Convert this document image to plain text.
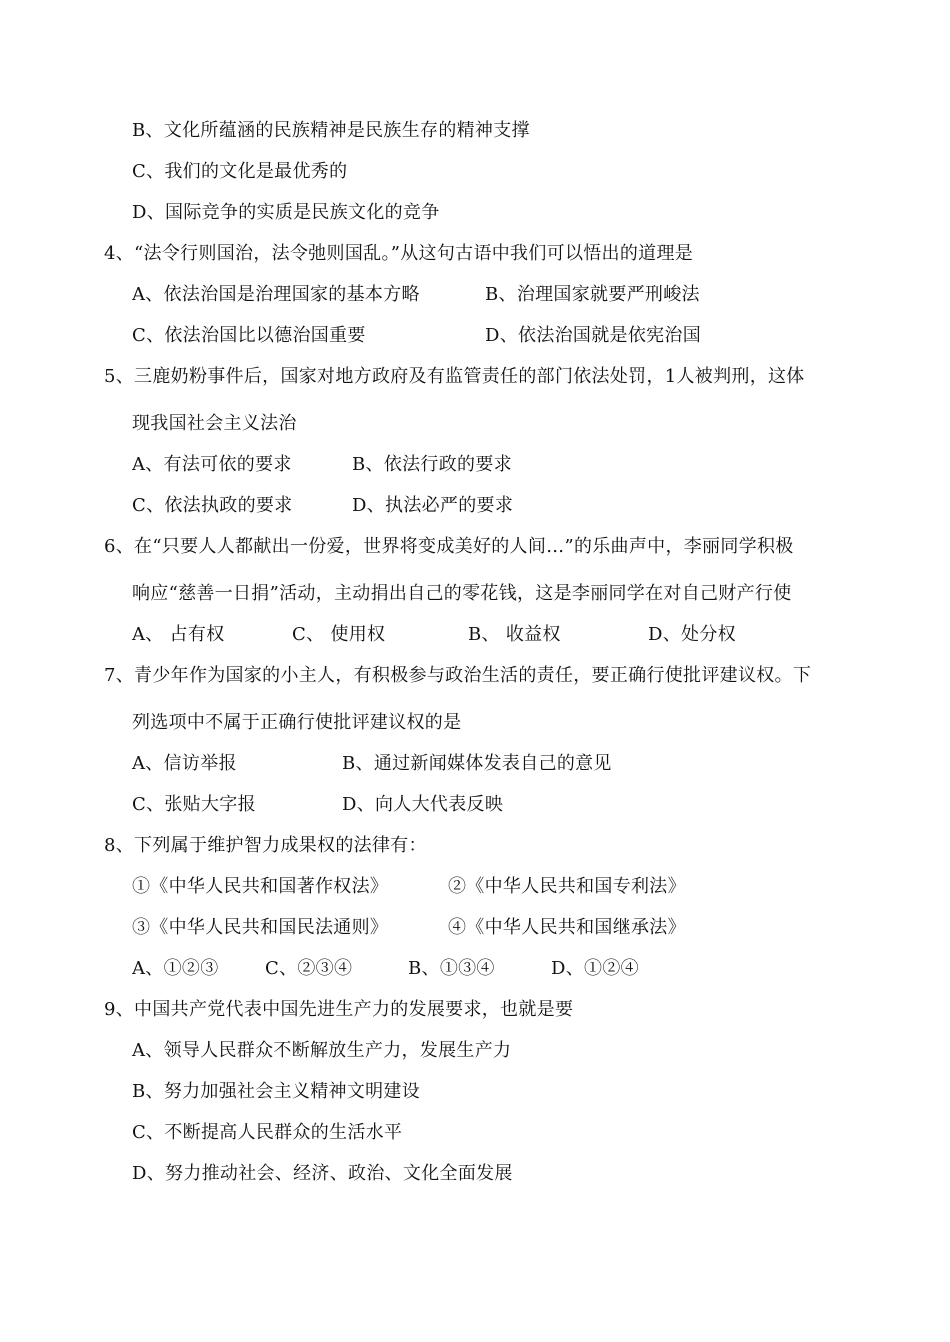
B、文化所蕴涵的民族精神是民族生存的精神支撑
C、我们的文化是最优秀的
D、国际竞争的实质是民族文化的竞争
4、“法令行则国治，法令弛则国乱。”从这句古语中我们可以悟出的道理是
A、依法治国是治理国家的基本方略	B、治理国家就要严刑峻法
C、依法治国比以德治国重要	D、依法治国就是依宪治国
5、三鹿奶粉事件后，国家对地方政府及有监管责任的部门依法处罚，1人被判刑，这体
现我国社会主义法治
A、有法可依的要求	B、依法行政的要求
C、依法执政的要求	D、执法必严的要求
6、在“只要人人都献出一份爱，世界将变成美好的人间…”的乐曲声中，李丽同学积极
响应“慈善一日捐”活动，主动捐出自己的零花钱，这是李丽同学在对自己财产行使
A、 占有权	C、 使用权	B、 收益权	D、处分权
7、青少年作为国家的小主人，有积极参与政治生活的责任，要正确行使批评建议权。下
列选项中不属于正确行使批评建议权的是
A、信访举报	B、通过新闻媒体发表自己的意见
C、张贴大字报	D、向人大代表反映
8、下列属于维护智力成果权的法律有：
①《中华人民共和国著作权法》	②《中华人民共和国专利法》
③《中华人民共和国民法通则》	④《中华人民共和国继承法》
A、①②③	C、②③④	B、①③④	D、①②④
9、中国共产党代表中国先进生产力的发展要求，也就是要
A、领导人民群众不断解放生产力，发展生产力
B、努力加强社会主义精神文明建设
C、不断提高人民群众的生活水平
D、努力推动社会、经济、政治、文化全面发展
